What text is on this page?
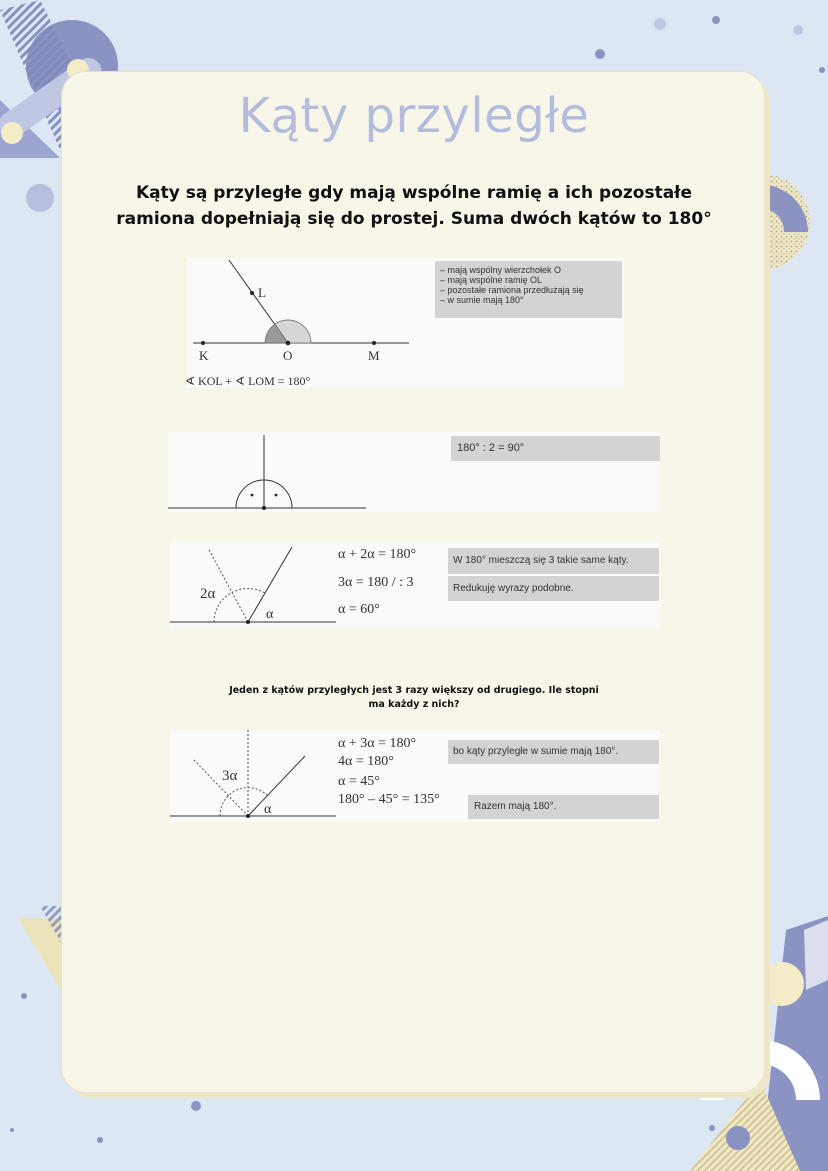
Kąty przyległe
Kąty są przyległe gdy mają wspólne ramię a ich pozostałe ramiona dopełniają się do prostej. Suma dwóch kątów to 180°
K	O	M
L
∢ KOL + ∢ LOM = 180°
– mają wspólny wierzchołek O
– mają wspólne ramię OL
– pozostałe ramiona przedłużają się
– w sumie mają 180°
180° : 2 = 90°
2α
α
α + 2α = 180°
3α = 180 / : 3
α = 60°
W 180° mieszczą się 3 takie same kąty.
Redukuję wyrazy podobne.
Jeden z kątów przyległych jest 3 razy większy od drugiego. Ile stopni
ma każdy z nich?
3α
α
α + 3α = 180°
4α = 180°
α = 45°
180° – 45° = 135°
bo kąty przyległe w sumie mają 180°.
Razem mają 180°.
